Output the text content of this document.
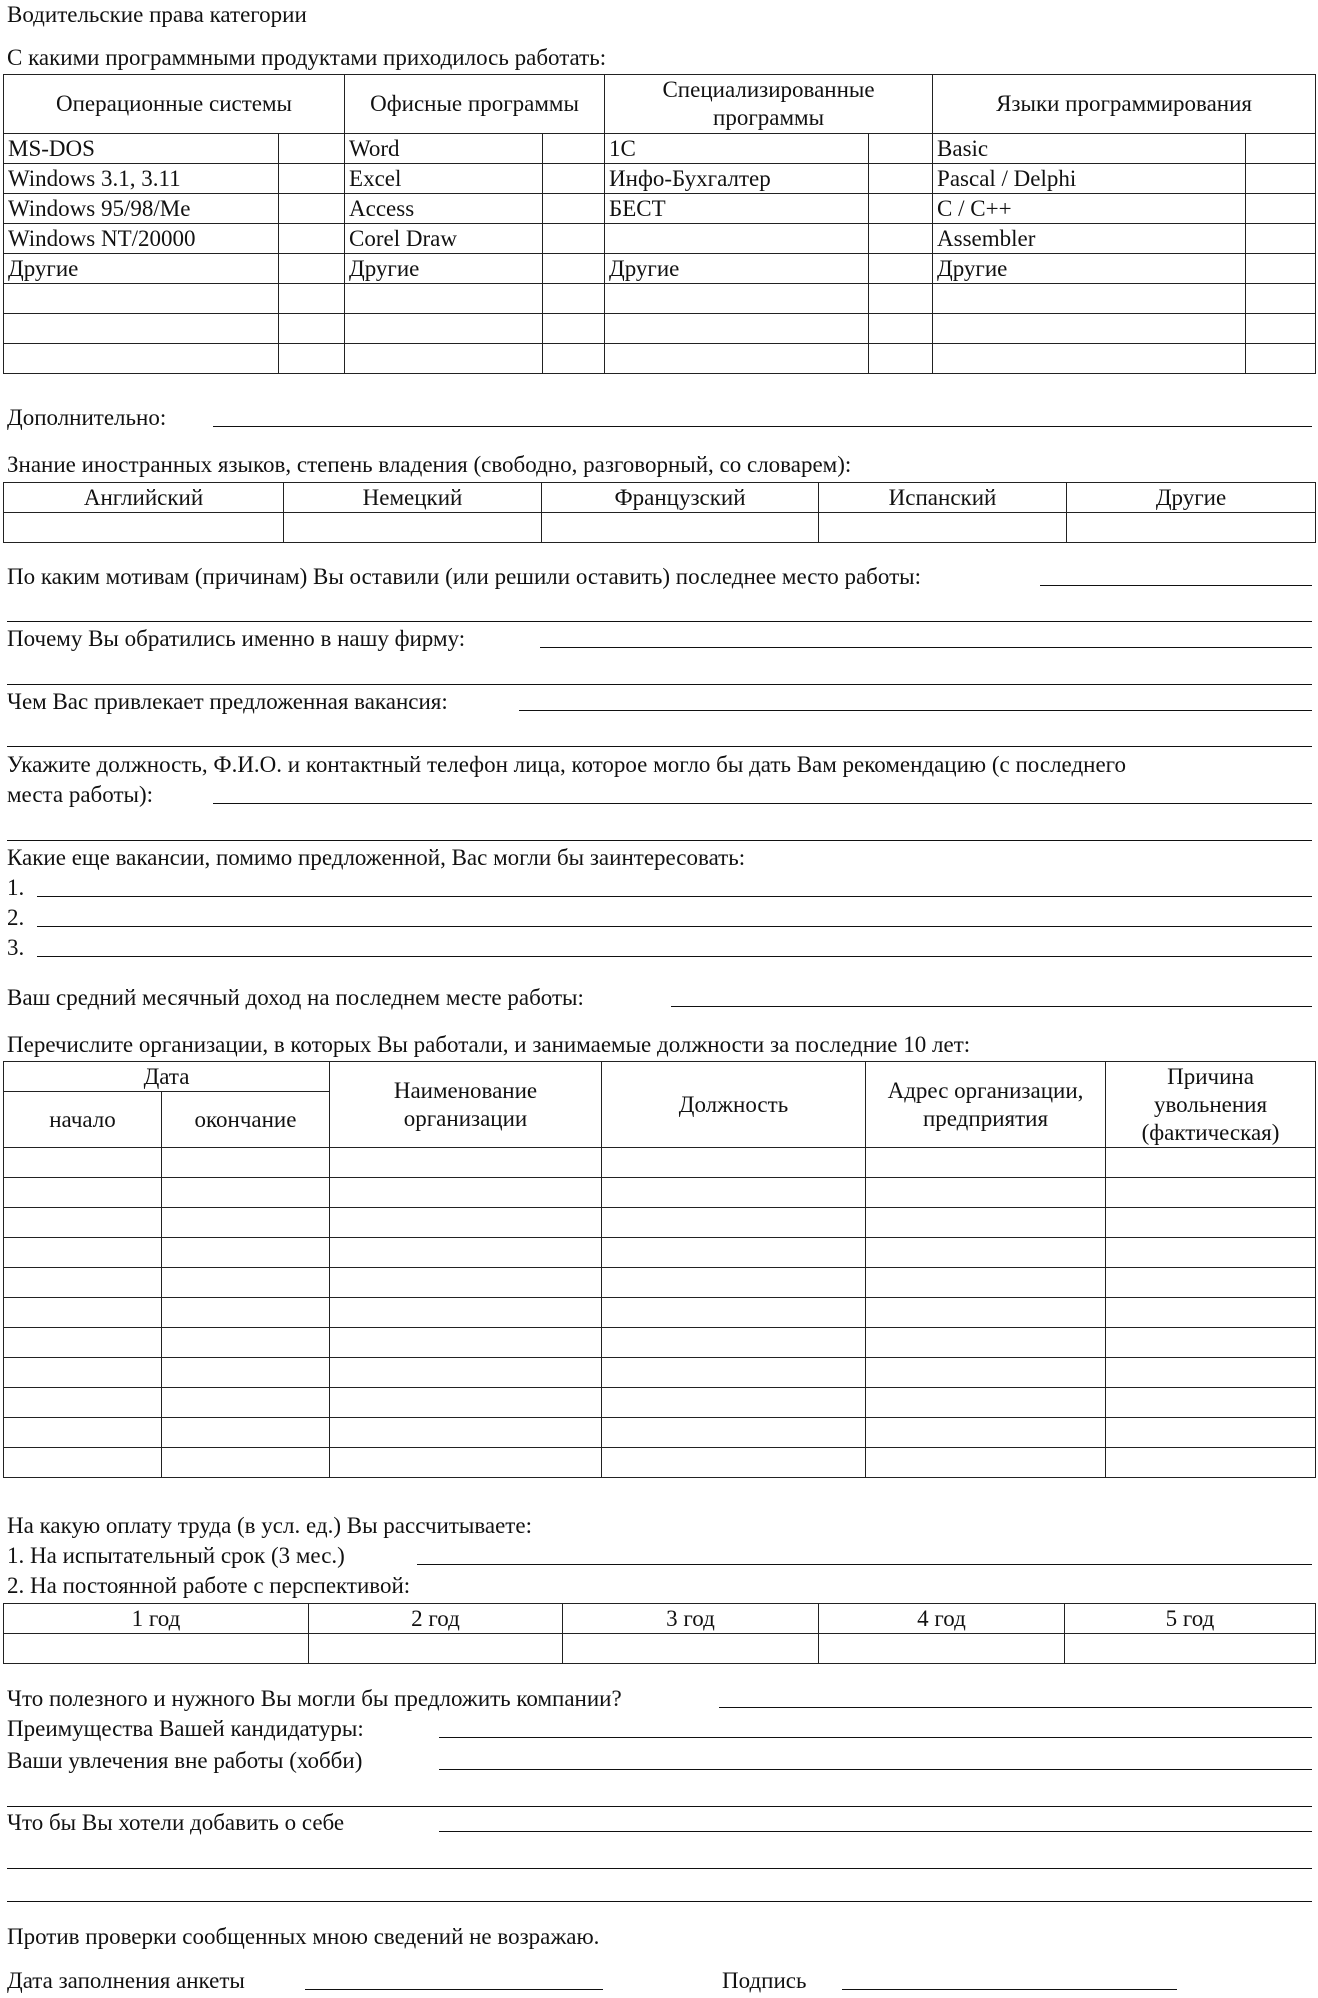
Водительские права категории
С какими программными продуктами приходилось работать:
Операционные системы		Офисные программы		Специализированные программы		Языки программирования	
MS-DOS		Word		1С		Basic	
Windows 3.1, 3.11		Excel		Инфо-Бухгалтер		Pascal / Delphi	
Windows 95/98/Me		Access		БЕСТ		C / C++	
Windows NT/20000		Corel Draw				Assembler	
Другие		Другие		Другие		Другие	

Дополнительно:
Знание иностранных языков, степень владения (свободно, разговорный, со словарем):
Английский	Немецкий	Французский	Испанский	Другие

По каким мотивам (причинам) Вы оставили (или решили оставить) последнее место работы:
Почему Вы обратились именно в нашу фирму:
Чем Вас привлекает предложенная вакансия:
Укажите должность, Ф.И.О. и контактный телефон лица, которое могло бы дать Вам рекомендацию (с последнего
места работы):
Какие еще вакансии, помимо предложенной, Вас могли бы заинтересовать:
1.
2.
3.
Ваш средний месячный доход на последнем месте работы:
Перечислите организации, в которых Вы работали, и занимаемые должности за последние 10 лет:
Дата		Наименование организации	Должность	Адрес организации, предприятия	Причина увольнения (фактическая)
начало	окончание				

На какую оплату труда (в усл. ед.) Вы рассчитываете:
1. На испытательный срок (3 мес.)
2. На постоянной работе с перспективой:
1 год	2 год	3 год	4 год	5 год

Что полезного и нужного Вы могли бы предложить компании?
Преимущества Вашей кандидатуры:
Ваши увлечения вне работы (хобби)
Что бы Вы хотели добавить о себе
Против проверки сообщенных мною сведений не возражаю.
Дата заполнения анкеты	Подпись
